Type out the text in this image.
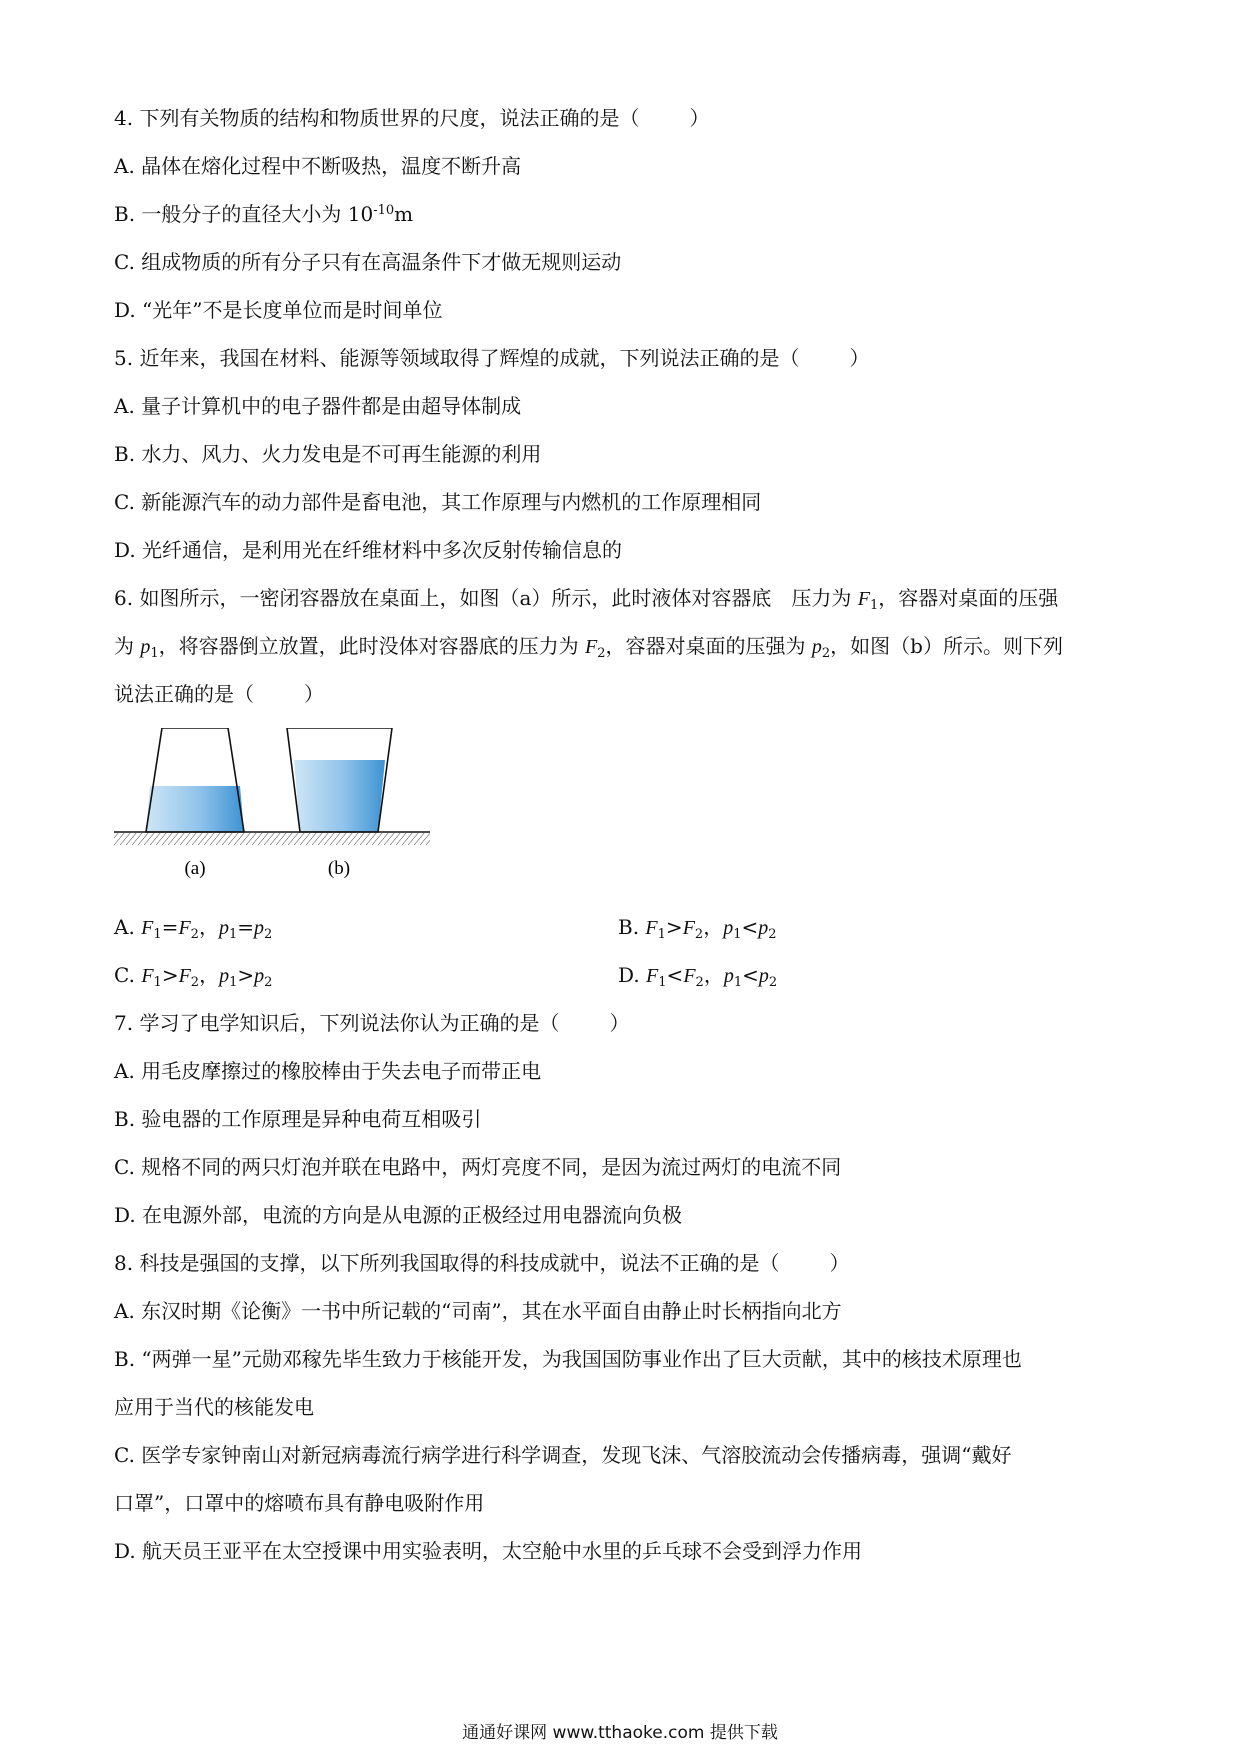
4. 下列有关物质的结构和物质世界的尺度，说法正确的是（	）
A. 晶体在熔化过程中不断吸热，温度不断升高
B. 一般分子的直径大小为 $10^{-10}m$
C. 组成物质的所有分子只有在高温条件下才做无规则运动
D. “光年”不是长度单位而是时间单位
5. 近年来，我国在材料、能源等领域取得了辉煌的成就，下列说法正确的是（	）
A. 量子计算机中的电子器件都是由超导体制成
B. 水力、风力、火力发电是不可再生能源的利用
C. 新能源汽车的动力部件是畜电池，其工作原理与内燃机的工作原理相同
D. 光纤通信，是利用光在纤维材料中多次反射传输信息的
6. 如图所示，一密闭容器放在桌面上，如图（a）所示，此时液体对容器底　压力为 $F_1$，容器对桌面的压强
为 $p_1$，将容器倒立放置，此时没体对容器底的压力为 $F_2$，容器对桌面的压强为 $p_2$，如图（b）所示。则下列
说法正确的是（	）
(a)	(b)
A. $F_1=F_2$，$p_1=p_2$	B. $F_1>F_2$，$p_1<p_2$
C. $F_1>F_2$，$p_1>p_2$	D. $F_1<F_2$，$p_1<p_2$
7. 学习了电学知识后，下列说法你认为正确的是（	）
A. 用毛皮摩擦过的橡胶棒由于失去电子而带正电
B. 验电器的工作原理是异种电荷互相吸引
C. 规格不同的两只灯泡并联在电路中，两灯亮度不同，是因为流过两灯的电流不同
D. 在电源外部，电流的方向是从电源的正极经过用电器流向负极
8. 科技是强国的支撑，以下所列我国取得的科技成就中，说法不正确的是（	）
A. 东汉时期《论衡》一书中所记载的“司南”，其在水平面自由静止时长柄指向北方
B. “两弹一星”元勋邓稼先毕生致力于核能开发，为我国国防事业作出了巨大贡献，其中的核技术原理也
应用于当代的核能发电
C. 医学专家钟南山对新冠病毒流行病学进行科学调查，发现飞沫、气溶胶流动会传播病毒，强调“戴好
口罩”，口罩中的熔喷布具有静电吸附作用
D. 航天员王亚平在太空授课中用实验表明，太空舱中水里的乒乓球不会受到浮力作用
通通好课网 www.tthaoke.com 提供下载
